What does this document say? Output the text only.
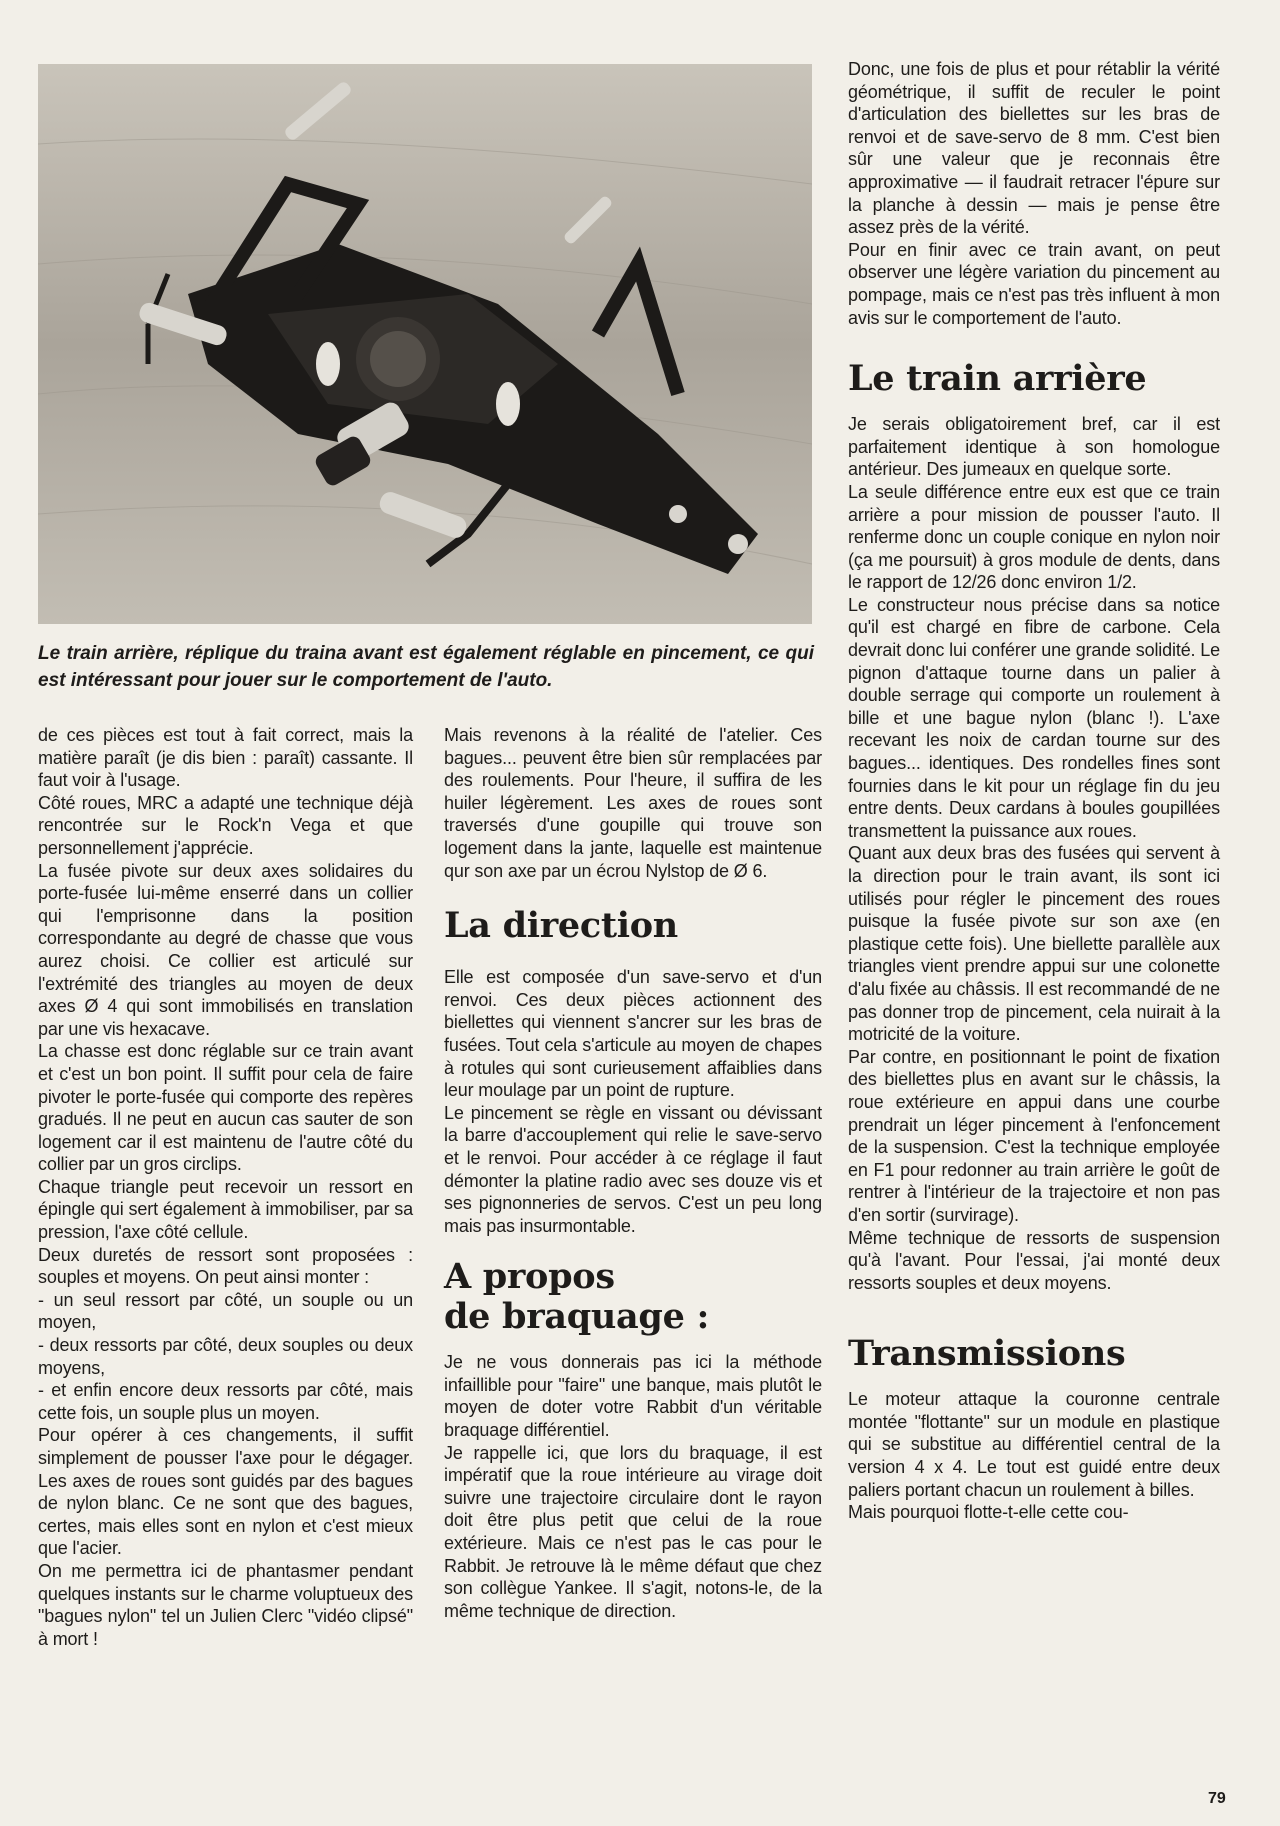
Le train arrière, réplique du traina avant est également réglable en pincement, ce qui est intéressant pour jouer sur le comportement de l'auto.

de ces pièces est tout à fait correct, mais la matière paraît (je dis bien : paraît) cassante. Il faut voir à l'usage.

Côté roues, MRC a adapté une technique déjà rencontrée sur le Rock'n Vega et que personnellement j'apprécie.

La fusée pivote sur deux axes solidaires du porte-fusée lui-même enserré dans un collier qui l'emprisonne dans la position correspondante au degré de chasse que vous aurez choisi. Ce collier est articulé sur l'extrémité des triangles au moyen de deux axes Ø 4 qui sont immobilisés en translation par une vis hexacave.

La chasse est donc réglable sur ce train avant et c'est un bon point. Il suffit pour cela de faire pivoter le porte-fusée qui comporte des repères gradués. Il ne peut en aucun cas sauter de son logement car il est maintenu de l'autre côté du collier par un gros circlips.

Chaque triangle peut recevoir un ressort en épingle qui sert également à immobiliser, par sa pression, l'axe côté cellule.

Deux duretés de ressort sont proposées : souples et moyens. On peut ainsi monter :

- un seul ressort par côté, un souple ou un moyen,

- deux ressorts par côté, deux souples ou deux moyens,

- et enfin encore deux ressorts par côté, mais cette fois, un souple plus un moyen.

Pour opérer à ces changements, il suffit simplement de pousser l'axe pour le dégager. Les axes de roues sont guidés par des bagues de nylon blanc. Ce ne sont que des bagues, certes, mais elles sont en nylon et c'est mieux que l'acier.

On me permettra ici de phantasmer pendant quelques instants sur le charme voluptueux des "bagues nylon" tel un Julien Clerc "vidéo clipsé" à mort !

Mais revenons à la réalité de l'atelier. Ces bagues... peuvent être bien sûr remplacées par des roulements. Pour l'heure, il suffira de les huiler légèrement. Les axes de roues sont traversés d'une goupille qui trouve son logement dans la jante, laquelle est maintenue qur son axe par un écrou Nylstop de Ø 6.

La direction

Elle est composée d'un save-servo et d'un renvoi. Ces deux pièces actionnent des biellettes qui viennent s'ancrer sur les bras de fusées. Tout cela s'articule au moyen de chapes à rotules qui sont curieusement affaiblies dans leur moulage par un point de rupture.

Le pincement se règle en vissant ou dévissant la barre d'accouplement qui relie le save-servo et le renvoi. Pour accéder à ce réglage il faut démonter la platine radio avec ses douze vis et ses pignonneries de servos. C'est un peu long mais pas insurmontable.

A propos
de braquage :

Je ne vous donnerais pas ici la méthode infaillible pour "faire" une banque, mais plutôt le moyen de doter votre Rabbit d'un véritable braquage différentiel.

Je rappelle ici, que lors du braquage, il est impératif que la roue intérieure au virage doit suivre une trajectoire circulaire dont le rayon doit être plus petit que celui de la roue extérieure. Mais ce n'est pas le cas pour le Rabbit. Je retrouve là le même défaut que chez son collègue Yankee. Il s'agit, notons-le, de la même technique de direction.

Donc, une fois de plus et pour rétablir la vérité géométrique, il suffit de reculer le point d'articulation des biellettes sur les bras de renvoi et de save-servo de 8 mm. C'est bien sûr une valeur que je reconnais être approximative — il faudrait retracer l'épure sur la planche à dessin — mais je pense être assez près de la vérité.

Pour en finir avec ce train avant, on peut observer une légère variation du pincement au pompage, mais ce n'est pas très influent à mon avis sur le comportement de l'auto.

Le train arrière

Je serais obligatoirement bref, car il est parfaitement identique à son homologue antérieur. Des jumeaux en quelque sorte.

La seule différence entre eux est que ce train arrière a pour mission de pousser l'auto. Il renferme donc un couple conique en nylon noir (ça me poursuit) à gros module de dents, dans le rapport de 12/26 donc environ 1/2.

Le constructeur nous précise dans sa notice qu'il est chargé en fibre de carbone. Cela devrait donc lui conférer une grande solidité. Le pignon d'attaque tourne dans un palier à double serrage qui comporte un roulement à bille et une bague nylon (blanc !). L'axe recevant les noix de cardan tourne sur des bagues... identiques. Des rondelles fines sont fournies dans le kit pour un réglage fin du jeu entre dents. Deux cardans à boules goupillées transmettent la puissance aux roues.

Quant aux deux bras des fusées qui servent à la direction pour le train avant, ils sont ici utilisés pour régler le pincement des roues puisque la fusée pivote sur son axe (en plastique cette fois). Une biellette parallèle aux triangles vient prendre appui sur une colonette d'alu fixée au châssis. Il est recommandé de ne pas donner trop de pincement, cela nuirait à la motricité de la voiture.

Par contre, en positionnant le point de fixation des biellettes plus en avant sur le châssis, la roue extérieure en appui dans une courbe prendrait un léger pincement à l'enfoncement de la suspension. C'est la technique employée en F1 pour redonner au train arrière le goût de rentrer à l'intérieur de la trajectoire et non pas d'en sortir (survirage).

Même technique de ressorts de suspension qu'à l'avant. Pour l'essai, j'ai monté deux ressorts souples et deux moyens.

Transmissions

Le moteur attaque la couronne centrale montée "flottante" sur un module en plastique qui se substitue au différentiel central de la version 4 x 4. Le tout est guidé entre deux paliers portant chacun un roulement à billes.

Mais pourquoi flotte-t-elle cette cou-

79
